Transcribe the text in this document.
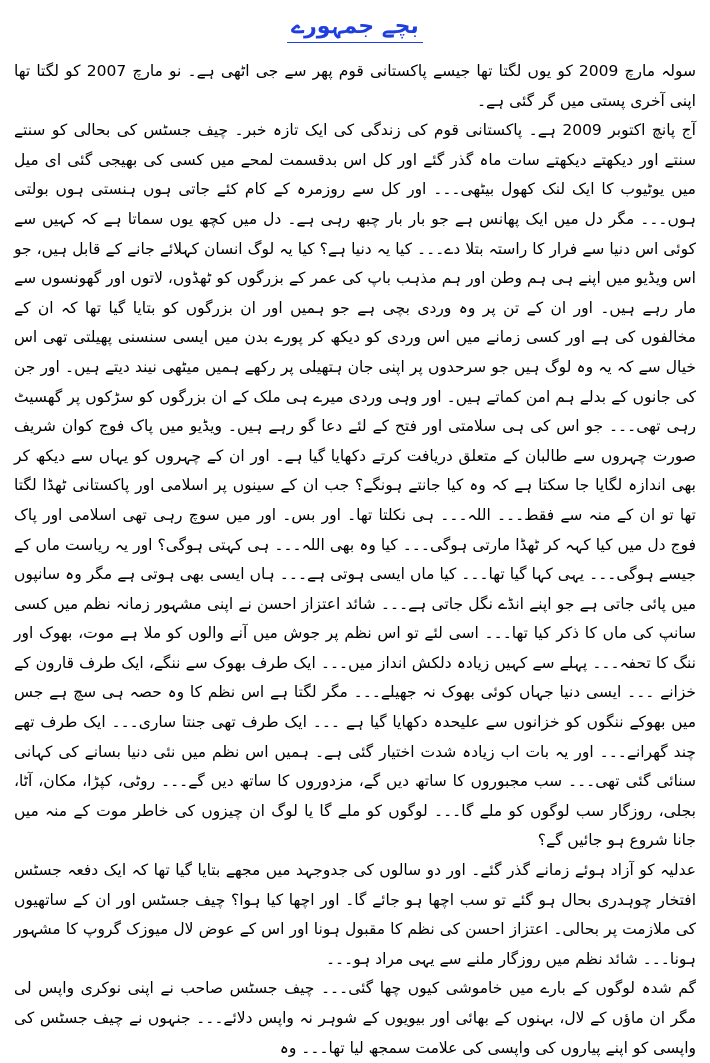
بچے جمہورے

سولہ مارچ 2009 کو یوں لگتا تھا جیسے پاکستانی قوم پھر سے جی اٹھی ہے۔ نو مارچ 2007 کو لگتا تھا اپنی آخری پستی میں گر گئی ہے۔

آج پانچ اکتوبر 2009 ہے۔ پاکستانی قوم کی زندگی کی ایک تازہ خبر۔ چیف جسٹس کی بحالی کو سنتے سنتے اور دیکھتے دیکھتے سات ماہ گذر گئے اور کل اس بدقسمت لمحے میں کسی کی بھیجی گئی ای میل میں یوٹیوب کا ایک لنک کھول بیٹھی۔۔۔ اور کل سے روزمرہ کے کام کئے جاتی ہوں ہنستی ہوں بولتی ہوں۔۔۔ مگر دل میں ایک پھانس ہے جو بار بار چبھ رہی ہے۔ دل میں کچھ یوں سماتا ہے کہ کہیں سے کوئی اس دنیا سے فرار کا راستہ بتلا دے۔۔۔ کیا یہ دنیا ہے؟ کیا یہ لوگ انسان کہلائے جانے کے قابل ہیں، جو اس ویڈیو میں اپنے ہی ہم وطن اور ہم مذہب باپ کی عمر کے بزرگوں کو ٹھڈوں، لاتوں اور گھونسوں سے مار رہے ہیں۔ اور ان کے تن پر وہ وردی بچی ہے جو ہمیں اور ان بزرگوں کو بتایا گیا تھا کہ ان کے مخالفوں کی ہے اور کسی زمانے میں اس وردی کو دیکھ کر پورے بدن میں ایسی سنسنی پھیلتی تھی اس خیال سے کہ یہ وہ لوگ ہیں جو سرحدوں پر اپنی جان ہتھیلی پر رکھے ہمیں میٹھی نیند دیتے ہیں۔ اور جن کی جانوں کے بدلے ہم امن کماتے ہیں۔ اور وہی وردی میرے ہی ملک کے ان بزرگوں کو سڑکوں پر گھسیٹ رہی تھی۔۔۔ جو اس کی ہی سلامتی اور فتح کے لئے دعا گو رہے ہیں۔ ویڈیو میں پاک فوج کوان شریف صورت چہروں سے طالبان کے متعلق دریافت کرتے دکھایا گیا ہے۔ اور ان کے چہروں کو یہاں سے دیکھ کر بھی اندازہ لگایا جا سکتا ہے کہ وہ کیا جانتے ہونگے؟ جب ان کے سینوں پر اسلامی اور پاکستانی ٹھڈا لگتا تھا تو ان کے منہ سے فقط۔۔۔ اللہ۔۔۔ ہی نکلتا تھا۔ اور بس۔ اور میں سوچ رہی تھی اسلامی اور پاک فوج دل میں کیا کہہ کر ٹھڈا مارتی ہوگی۔۔۔ کیا وہ بھی اللہ۔۔۔ ہی کہتی ہوگی؟ اور یہ ریاست ماں کے جیسے ہوگی۔۔۔ یہی کہا گیا تھا۔۔۔ کیا ماں ایسی ہوتی ہے۔۔۔ ہاں ایسی بھی ہوتی ہے مگر وہ سانپوں میں پائی جاتی ہے جو اپنے انڈے نگل جاتی ہے۔۔۔ شائد اعتزاز احسن نے اپنی مشہور زمانہ نظم میں کسی سانپ کی ماں کا ذکر کیا تھا۔۔۔ اسی لئے تو اس نظم پر جوش میں آنے والوں کو ملا ہے موت، بھوک اور ننگ کا تحفہ۔۔۔ پہلے سے کہیں زیادہ دلکش انداز میں۔۔۔ ایک طرف بھوک سے ننگے، ایک طرف قارون کے خزانے ۔۔۔ ایسی دنیا جہاں کوئی بھوک نہ جھیلے۔۔۔ مگر لگتا ہے اس نظم کا وہ حصہ ہی سچ ہے جس میں بھوکے ننگوں کو خزانوں سے علیحدہ دکھایا گیا ہے ۔۔۔ ایک طرف تھی جنتا ساری۔۔۔ ایک طرف تھے چند گھرانے۔۔۔ اور یہ بات اب زیادہ شدت اختیار گئی ہے۔ ہمیں اس نظم میں نئی دنیا بسانے کی کہانی سنائی گئی تھی۔۔۔ سب مجبوروں کا ساتھ دیں گے، مزدوروں کا ساتھ دیں گے۔۔۔ روٹی، کپڑا، مکان، آٹا، بجلی، روزگار سب لوگوں کو ملے گا۔۔۔ لوگوں کو ملے گا یا لوگ ان چیزوں کی خاطر موت کے منہ میں جانا شروع ہو جائیں گے؟

عدلیہ کو آزاد ہوئے زمانے گذر گئے۔ اور دو سالوں کی جدوجہد میں مجھے بتایا گیا تھا کہ ایک دفعہ جسٹس افتخار چوہدری بحال ہو گئے تو سب اچھا ہو جائے گا۔ اور اچھا کیا ہوا؟ چیف جسٹس اور ان کے ساتھیوں کی ملازمت پر بحالی۔ اعتزاز احسن کی نظم کا مقبول ہونا اور اس کے عوض لال میوزک گروپ کا مشہور ہونا۔۔۔ شائد نظم میں روزگار ملنے سے یہی مراد ہو۔۔۔

گم شدہ لوگوں کے بارے میں خاموشی کیوں چھا گئی۔۔۔ چیف جسٹس صاحب نے اپنی نوکری واپس لی مگر ان ماؤں کے لال، بہنوں کے بھائی اور بیویوں کے شوہر نہ واپس دلائے۔۔۔ جنہوں نے چیف جسٹس کی واپسی کو اپنے پیاروں کی واپسی کی علامت سمجھ لیا تھا۔۔۔ وہ
